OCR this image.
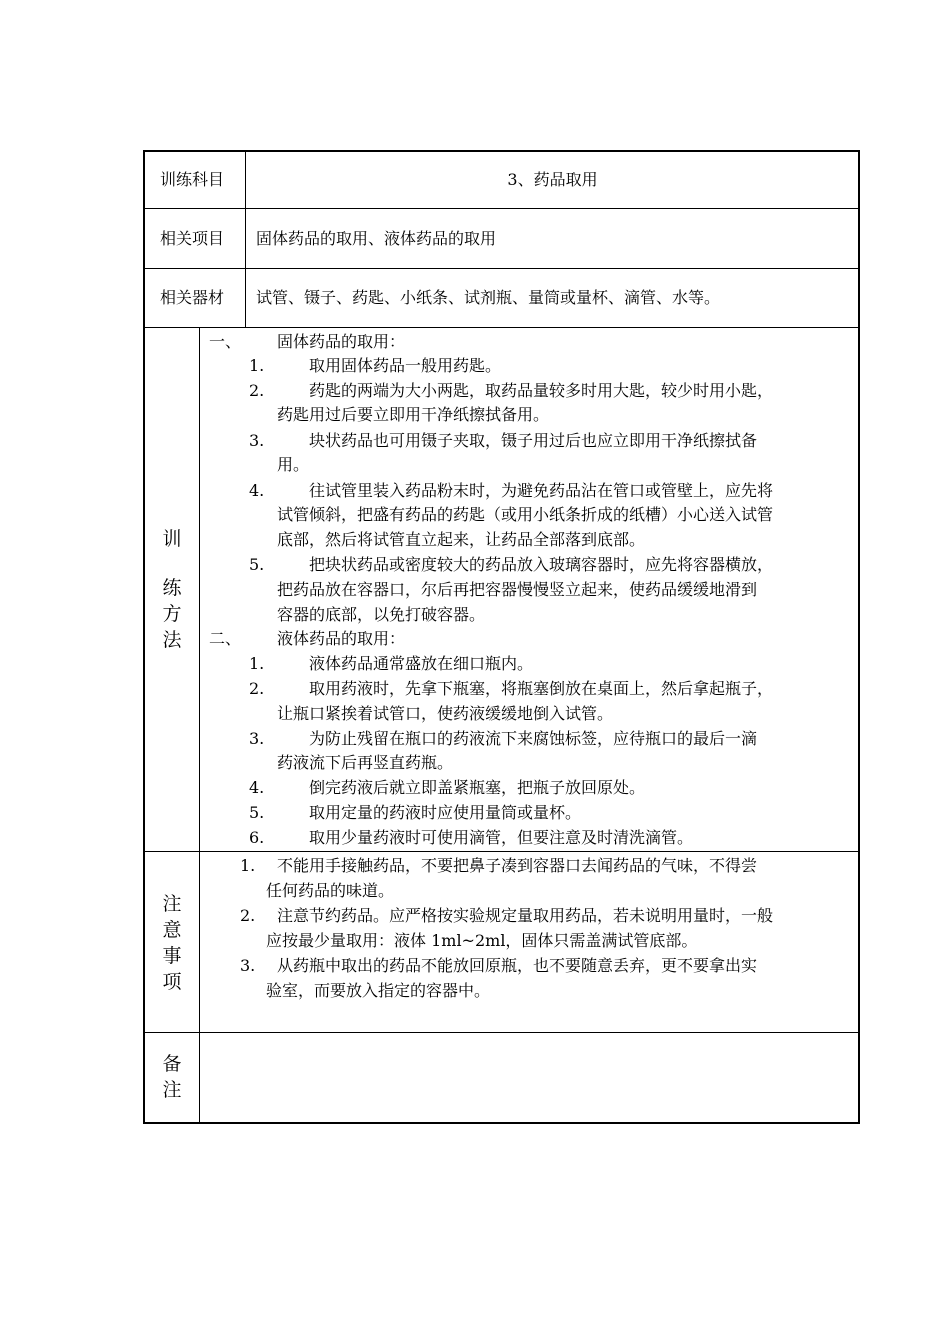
训练科目	3、药品取用
相关项目 固体药品的取用、液体药品的取用
相关器材 试管、镊子、药匙、小纸条、试剂瓶、量筒或量杯、滴管、水等。
训
练
方
法
一、 固体药品的取用：
1.	取用固体药品一般用药匙。
2.	药匙的两端为大小两匙，取药品量较多时用大匙，较少时用小匙，
药匙用过后要立即用干净纸擦拭备用。
3.	块状药品也可用镊子夹取，镊子用过后也应立即用干净纸擦拭备
用。
4.	往试管里装入药品粉末时，为避免药品沾在管口或管壁上，应先将
试管倾斜，把盛有药品的药匙（或用小纸条折成的纸槽）小心送入试管
底部，然后将试管直立起来，让药品全部落到底部。
5.	把块状药品或密度较大的药品放入玻璃容器时，应先将容器横放，
把药品放在容器口，尔后再把容器慢慢竖立起来，使药品缓缓地滑到
容器的底部，以免打破容器。
二、 液体药品的取用：
1.	液体药品通常盛放在细口瓶内。
2.	取用药液时，先拿下瓶塞，将瓶塞倒放在桌面上，然后拿起瓶子，
让瓶口紧挨着试管口，使药液缓缓地倒入试管。
3.	为防止残留在瓶口的药液流下来腐蚀标签，应待瓶口的最后一滴
药液流下后再竖直药瓶。
4.	倒完药液后就立即盖紧瓶塞，把瓶子放回原处。
5.	取用定量的药液时应使用量筒或量杯。
6.	取用少量药液时可使用滴管，但要注意及时清洗滴管。
注
意
事
项
1. 不能用手接触药品，不要把鼻子凑到容器口去闻药品的气味，不得尝
任何药品的味道。
2. 注意节约药品。应严格按实验规定量取用药品，若未说明用量时，一般
应按最少量取用：液体 1ml~2ml，固体只需盖满试管底部。
3. 从药瓶中取出的药品不能放回原瓶，也不要随意丢弃，更不要拿出实
验室，而要放入指定的容器中。
备
注
